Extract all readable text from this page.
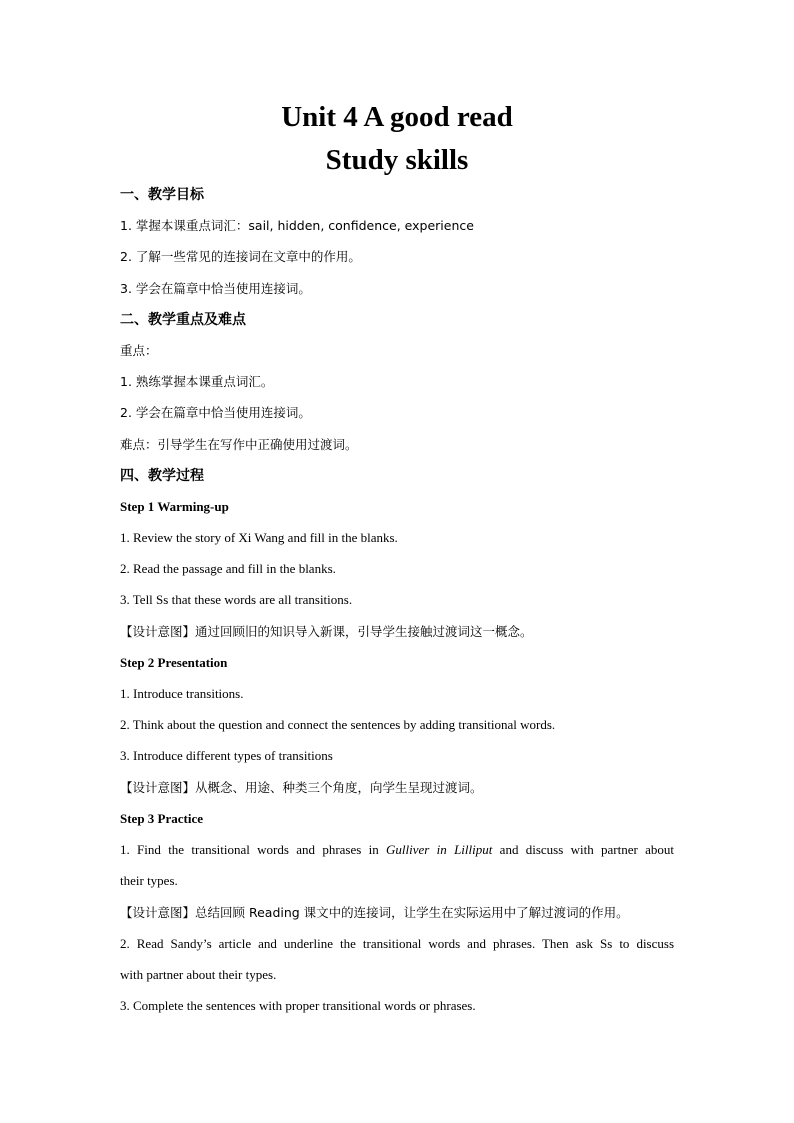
Unit 4 A good read
Study skills
一、教学目标
1. 掌握本课重点词汇：sail, hidden, confidence, experience
2. 了解一些常见的连接词在文章中的作用。
3. 学会在篇章中恰当使用连接词。
二、教学重点及难点
重点：
1. 熟练掌握本课重点词汇。
2. 学会在篇章中恰当使用连接词。
难点：引导学生在写作中正确使用过渡词。
四、教学过程
Step 1 Warming-up
1. Review the story of Xi Wang and fill in the blanks.
2. Read the passage and fill in the blanks.
3. Tell Ss that these words are all transitions.
【设计意图】通过回顾旧的知识导入新课，引导学生接触过渡词这一概念。
Step 2 Presentation
1. Introduce transitions.
2. Think about the question and connect the sentences by adding transitional words.
3. Introduce different types of transitions
【设计意图】从概念、用途、种类三个角度，向学生呈现过渡词。
Step 3 Practice
1. Find the transitional words and phrases in Gulliver in Lilliput and discuss with partner about
their types.
【设计意图】总结回顾 Reading 课文中的连接词，让学生在实际运用中了解过渡词的作用。
2. Read Sandy’s article and underline the transitional words and phrases. Then ask Ss to discuss
with partner about their types.
3. Complete the sentences with proper transitional words or phrases.
